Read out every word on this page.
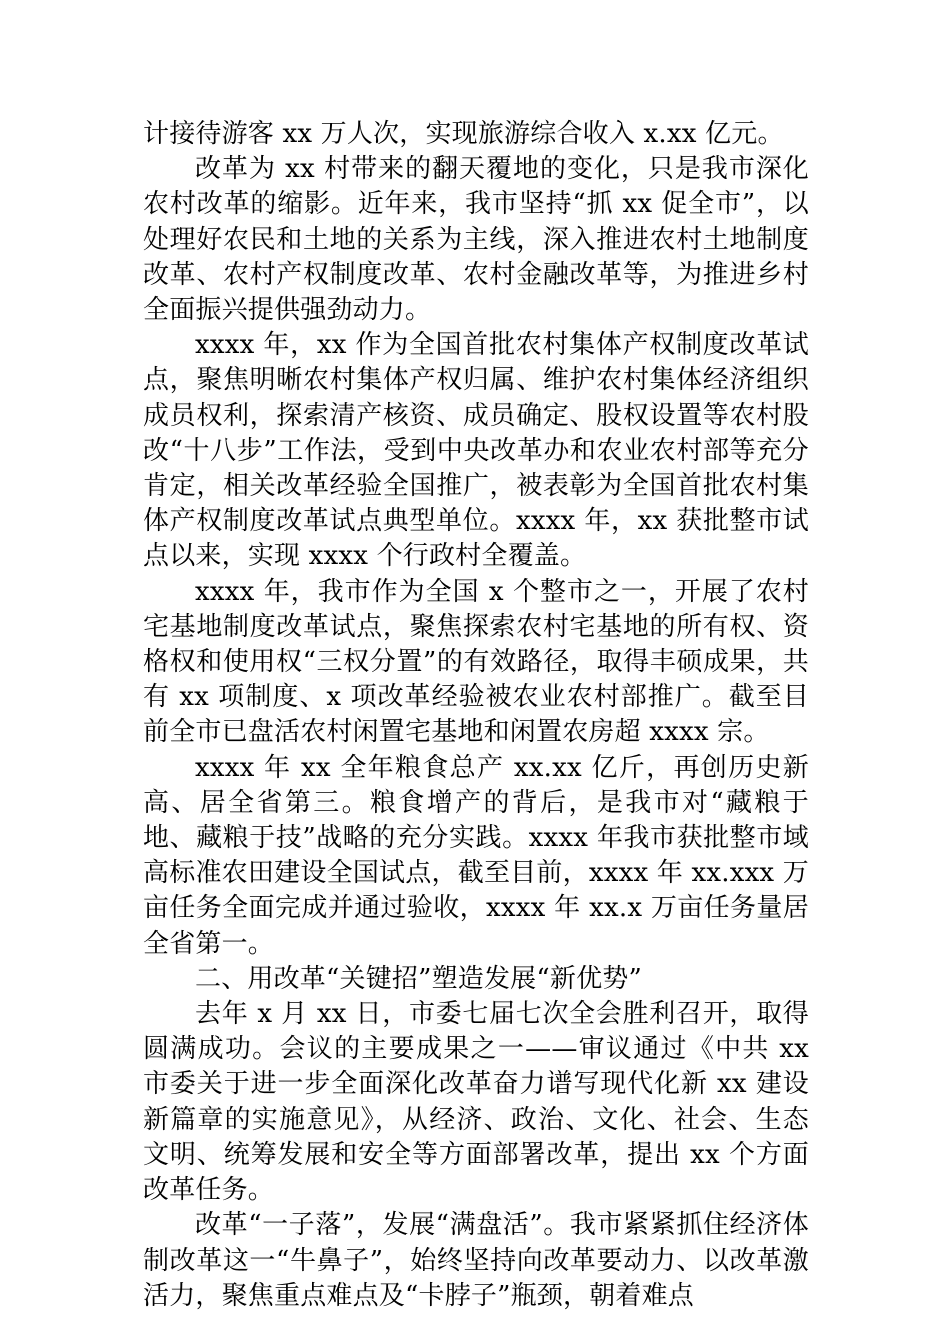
计接待游客 xx 万人次，实现旅游综合收入 x.xx 亿元。

改革为 xx 村带来的翻天覆地的变化，只是我市深化农村改革的缩影。近年来，我市坚持“抓 xx 促全市”，以处理好农民和土地的关系为主线，深入推进农村土地制度改革、农村产权制度改革、农村金融改革等，为推进乡村全面振兴提供强劲动力。

xxxx 年，xx 作为全国首批农村集体产权制度改革试点，聚焦明晰农村集体产权归属、维护农村集体经济组织成员权利，探索清产核资、成员确定、股权设置等农村股改“十八步”工作法，受到中央改革办和农业农村部等充分肯定，相关改革经验全国推广，被表彰为全国首批农村集体产权制度改革试点典型单位。xxxx 年，xx 获批整市试点以来，实现 xxxx 个行政村全覆盖。

xxxx 年，我市作为全国 x 个整市之一，开展了农村宅基地制度改革试点，聚焦探索农村宅基地的所有权、资格权和使用权“三权分置”的有效路径，取得丰硕成果，共有 xx 项制度、x 项改革经验被农业农村部推广。截至目前全市已盘活农村闲置宅基地和闲置农房超 xxxx 宗。

xxxx 年 xx 全年粮食总产 xx.xx 亿斤，再创历史新高、居全省第三。粮食增产的背后，是我市对“藏粮于地、藏粮于技”战略的充分实践。xxxx 年我市获批整市域高标准农田建设全国试点，截至目前，xxxx 年 xx.xxx 万亩任务全面完成并通过验收，xxxx 年 xx.x 万亩任务量居全省第一。

二、用改革“关键招”塑造发展“新优势”

去年 x 月 xx 日，市委七届七次全会胜利召开，取得圆满成功。会议的主要成果之一——审议通过《中共 xx 市委关于进一步全面深化改革奋力谱写现代化新 xx 建设新篇章的实施意见》，从经济、政治、文化、社会、生态文明、统筹发展和安全等方面部署改革，提出 xx 个方面改革任务。

改革“一子落”，发展“满盘活”。我市紧紧抓住经济体制改革这一“牛鼻子”，始终坚持向改革要动力、以改革激活力，聚焦重点难点及“卡脖子”瓶颈，朝着难点
